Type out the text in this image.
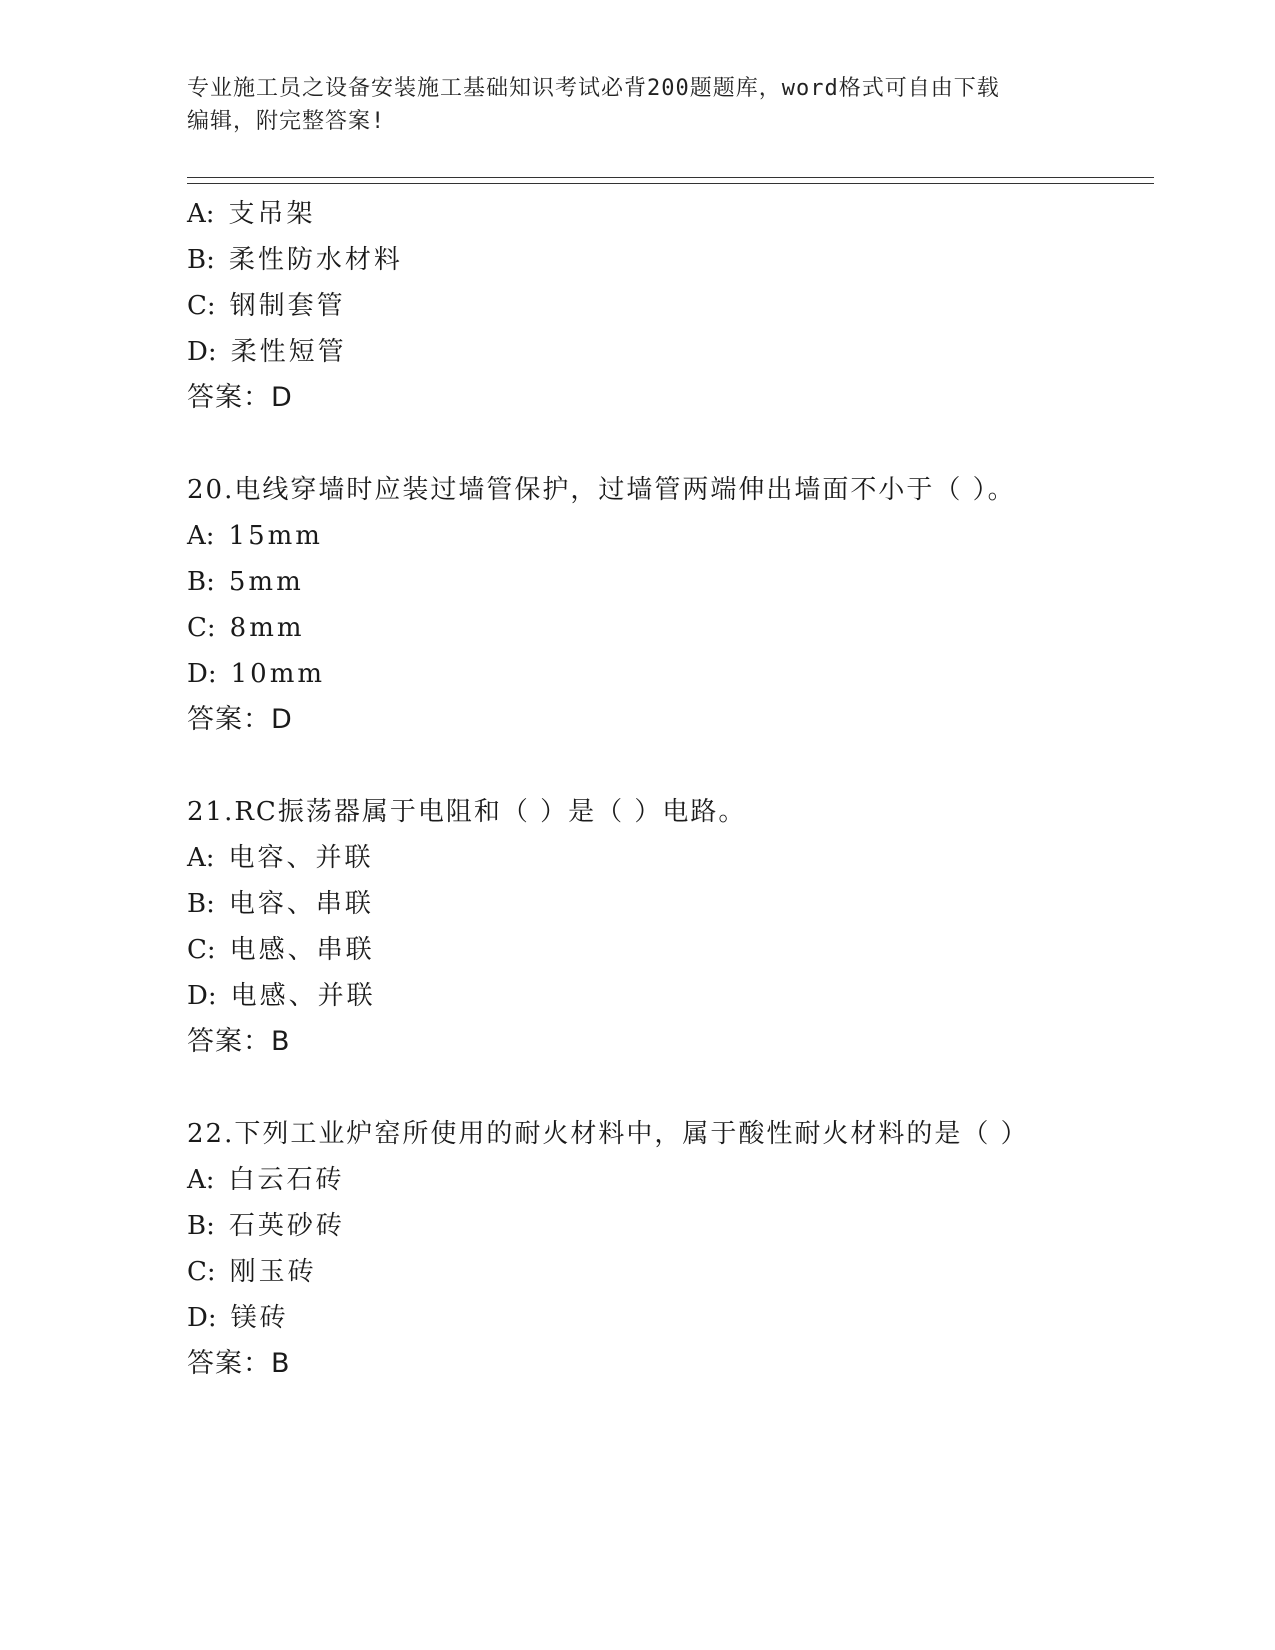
专业施工员之设备安装施工基础知识考试必背200题题库，word格式可自由下载
编辑，附完整答案!
A: 支吊架
B: 柔性防水材料
C: 钢制套管
D: 柔性短管
答案：D
20.电线穿墙时应装过墙管保护，过墙管两端伸出墙面不小于（ ）。
A: 15mm
B: 5mm
C: 8mm
D: 10mm
答案：D
21.RC振荡器属于电阻和（ ）是（ ）电路。
A: 电容、并联
B: 电容、串联
C: 电感、串联
D: 电感、并联
答案：B
22.下列工业炉窑所使用的耐火材料中，属于酸性耐火材料的是（ ）
A: 白云石砖
B: 石英砂砖
C: 刚玉砖
D: 镁砖
答案：B
